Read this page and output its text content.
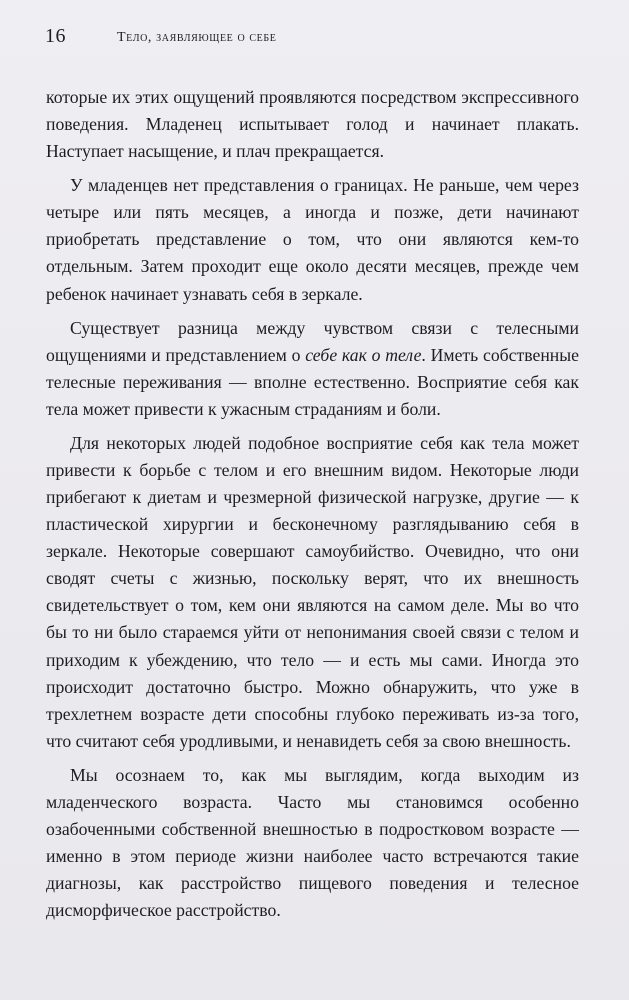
16	Тело, заявляющее о себе

которые их этих ощущений проявляются посредством экспрессивного поведения. Младенец испытывает голод и начинает плакать. Наступает насыщение, и плач прекращается.

У младенцев нет представления о границах. Не раньше, чем через четыре или пять месяцев, а иногда и позже, дети начинают приобретать представление о том, что они являются кем-то отдельным. Затем проходит еще около десяти месяцев, прежде чем ребенок начинает узнавать себя в зеркале.

Существует разница между чувством связи с телесными ощущениями и представлением о себе как о теле. Иметь собственные телесные переживания — вполне естественно. Восприятие себя как тела может привести к ужасным страданиям и боли.

Для некоторых людей подобное восприятие себя как тела может привести к борьбе с телом и его внешним видом. Некоторые люди прибегают к диетам и чрезмерной физической нагрузке, другие — к пластической хирургии и бесконечному разглядыванию себя в зеркале. Некоторые совершают самоубийство. Очевидно, что они сводят счеты с жизнью, поскольку верят, что их внешность свидетельствует о том, кем они являются на самом деле. Мы во что бы то ни было стараемся уйти от непонимания своей связи с телом и приходим к убеждению, что тело — и есть мы сами. Иногда это происходит достаточно быстро. Можно обнаружить, что уже в трехлетнем возрасте дети способны глубоко переживать из-за того, что считают себя уродливыми, и ненавидеть себя за свою внешность.

Мы осознаем то, как мы выглядим, когда выходим из младенческого возраста. Часто мы становимся особенно озабоченными собственной внешностью в подростковом возрасте — именно в этом периоде жизни наиболее часто встречаются такие диагнозы, как расстройство пищевого поведения и телесное дисморфическое расстройство.
